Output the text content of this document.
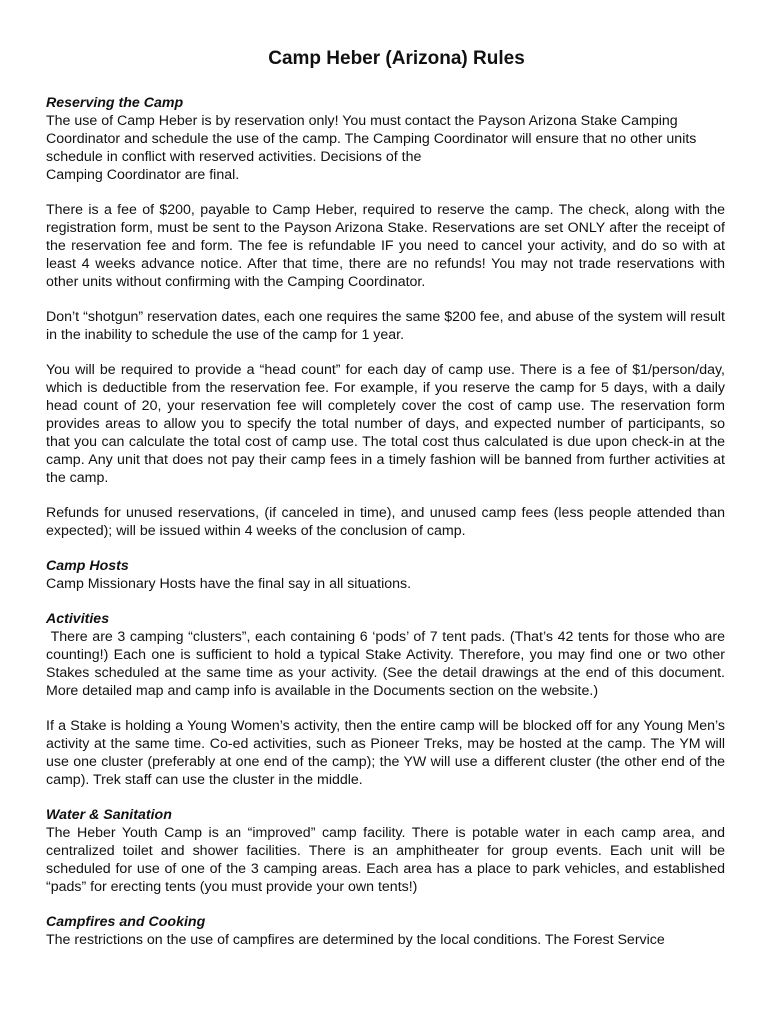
Camp Heber (Arizona) Rules
Reserving the Camp

The use of Camp Heber is by reservation only! You must contact the Payson Arizona Stake Camping Coordinator and schedule the use of the camp. The Camping Coordinator will ensure that no other units schedule in conflict with reserved activities. Decisions of the

Camping Coordinator are final.

There is a fee of $200, payable to Camp Heber, required to reserve the camp. The check, along with the registration form, must be sent to the Payson Arizona Stake. Reservations are set ONLY after the receipt of the reservation fee and form. The fee is refundable IF you need to cancel your activity, and do so with at least 4 weeks advance notice. After that time, there are no refunds! You may not trade reservations with other units without confirming with the Camping Coordinator.

Don’t “shotgun” reservation dates, each one requires the same $200 fee, and abuse of the system will result in the inability to schedule the use of the camp for 1 year.

You will be required to provide a “head count” for each day of camp use. There is a fee of $1/person/day, which is deductible from the reservation fee. For example, if you reserve the camp for 5 days, with a daily head count of 20, your reservation fee will completely cover the cost of camp use. The reservation form provides areas to allow you to specify the total number of days, and expected number of participants, so that you can calculate the total cost of camp use. The total cost thus calculated is due upon check-in at the camp. Any unit that does not pay their camp fees in a timely fashion will be banned from further activities at the camp.

Refunds for unused reservations, (if canceled in time), and unused camp fees (less people attended than expected); will be issued within 4 weeks of the conclusion of camp.

Camp Hosts

Camp Missionary Hosts have the final say in all situations.

Activities

There are 3 camping “clusters”, each containing 6 ‘pods’ of 7 tent pads. (That’s 42 tents for those who are counting!) Each one is sufficient to hold a typical Stake Activity. Therefore, you may find one or two other Stakes scheduled at the same time as your activity. (See the detail drawings at the end of this document. More detailed map and camp info is available in the Documents section on the website.)

If a Stake is holding a Young Women’s activity, then the entire camp will be blocked off for any Young Men’s activity at the same time. Co-ed activities, such as Pioneer Treks, may be hosted at the camp. The YM will use one cluster (preferably at one end of the camp); the YW will use a different cluster (the other end of the camp). Trek staff can use the cluster in the middle.

Water & Sanitation

The Heber Youth Camp is an “improved” camp facility. There is potable water in each camp area, and centralized toilet and shower facilities. There is an amphitheater for group events. Each unit will be scheduled for use of one of the 3 camping areas. Each area has a place to park vehicles, and established “pads” for erecting tents (you must provide your own tents!)

Campfires and Cooking

The restrictions on the use of campfires are determined by the local conditions. The Forest Service
